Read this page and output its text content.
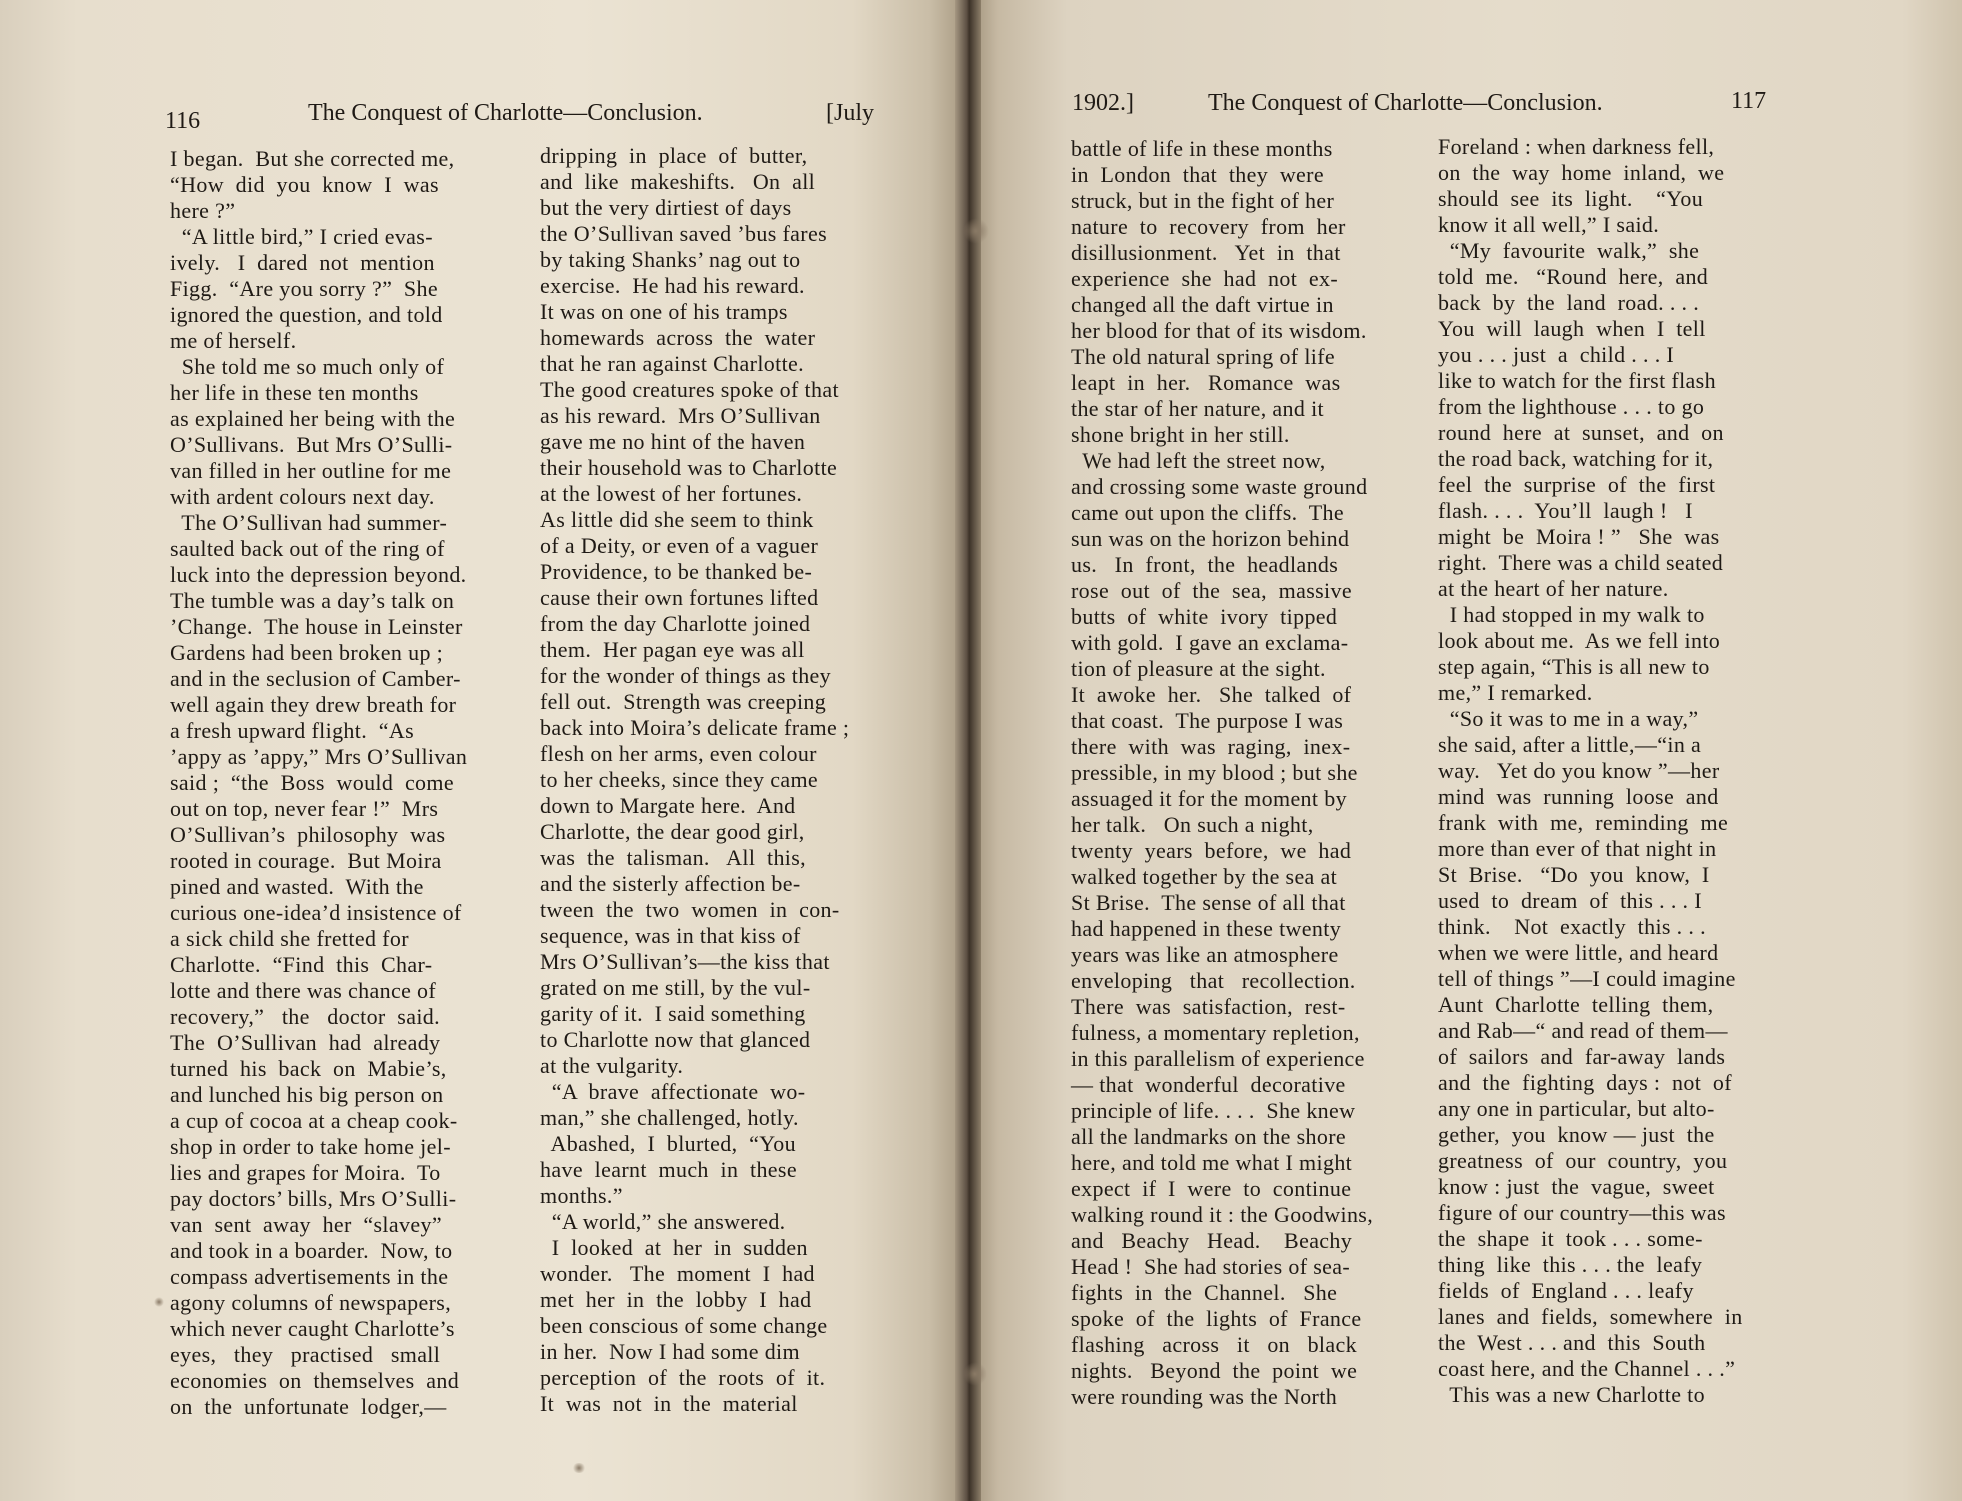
116	The Conquest of Charlotte—Conclusion.	[July
I began.  But she corrected me,
“How  did  you  know  I  was
here ?”
“A little bird,” I cried evas-
ively.   I  dared  not  mention
Figg.  “Are you sorry ?”  She
ignored the question, and told
me of herself.
She told me so much only of
her life in these ten months
as explained her being with the
O’Sullivans.  But Mrs O’Sulli-
van filled in her outline for me
with ardent colours next day.
The O’Sullivan had summer-
saulted back out of the ring of
luck into the depression beyond.
The tumble was a day’s talk on
’Change.  The house in Leinster
Gardens had been broken up ;
and in the seclusion of Camber-
well again they drew breath for
a fresh upward flight.  “As
’appy as ’appy,” Mrs O’Sullivan
said ;  “the  Boss  would  come
out on top, never fear !”  Mrs
O’Sullivan’s  philosophy  was
rooted in courage.  But Moira
pined and wasted.  With the
curious one-idea’d insistence of
a sick child she fretted for
Charlotte.  “Find  this  Char-
lotte and there was chance of
recovery,”   the   doctor  said.
The  O’Sullivan  had  already
turned  his  back  on  Mabie’s,
and lunched his big person on
a cup of cocoa at a cheap cook-
shop in order to take home jel-
lies and grapes for Moira.  To
pay doctors’ bills, Mrs O’Sulli-
van  sent  away  her  “slavey”
and took in a boarder.  Now, to
compass advertisements in the
agony columns of newspapers,
which never caught Charlotte’s
eyes,   they   practised   small
economies  on  themselves  and
on  the  unfortunate  lodger,—
dripping  in  place  of  butter,
and  like  makeshifts.   On  all
but the very dirtiest of days
the O’Sullivan saved ’bus fares
by taking Shanks’ nag out to
exercise.  He had his reward.
It was on one of his tramps
homewards  across  the  water
that he ran against Charlotte.
The good creatures spoke of that
as his reward.  Mrs O’Sullivan
gave me no hint of the haven
their household was to Charlotte
at the lowest of her fortunes.
As little did she seem to think
of a Deity, or even of a vaguer
Providence, to be thanked be-
cause their own fortunes lifted
from the day Charlotte joined
them.  Her pagan eye was all
for the wonder of things as they
fell out.  Strength was creeping
back into Moira’s delicate frame ;
flesh on her arms, even colour
to her cheeks, since they came
down to Margate here.  And
Charlotte, the dear good girl,
was  the  talisman.   All  this,
and the sisterly affection be-
tween  the  two  women  in  con-
sequence, was in that kiss of
Mrs O’Sullivan’s—the kiss that
grated on me still, by the vul-
garity of it.  I said something
to Charlotte now that glanced
at the vulgarity.
“A  brave  affectionate  wo-
man,” she challenged, hotly.
Abashed,  I  blurted,  “You
have  learnt  much  in  these
months.”
“A world,” she answered.
I  looked  at  her  in  sudden
wonder.   The  moment  I  had
met  her  in  the  lobby  I  had
been conscious of some change
in her.  Now I had some dim
perception  of  the  roots  of  it.
It  was  not  in  the  material
1902.]	The Conquest of Charlotte—Conclusion.	117
battle of life in these months
in  London  that  they  were
struck, but in the fight of her
nature  to  recovery  from  her
disillusionment.   Yet  in  that
experience  she  had  not  ex-
changed all the daft virtue in
her blood for that of its wisdom.
The old natural spring of life
leapt  in  her.   Romance  was
the star of her nature, and it
shone bright in her still.
We had left the street now,
and crossing some waste ground
came out upon the cliffs.  The
sun was on the horizon behind
us.   In  front,  the  headlands
rose  out  of  the  sea,  massive
butts  of  white  ivory  tipped
with gold.  I gave an exclama-
tion of pleasure at the sight.
It  awoke  her.   She  talked  of
that coast.  The purpose I was
there  with  was  raging,  inex-
pressible, in my blood ; but she
assuaged it for the moment by
her talk.   On such a night,
twenty  years  before,  we  had
walked together by the sea at
St Brise.  The sense of all that
had happened in these twenty
years was like an atmosphere
enveloping   that   recollection.
There  was  satisfaction,  rest-
fulness, a momentary repletion,
in this parallelism of experience
— that  wonderful  decorative
principle of life. . . .  She knew
all the landmarks on the shore
here, and told me what I might
expect  if  I  were  to  continue
walking round it : the Goodwins,
and   Beachy   Head.    Beachy
Head !  She had stories of sea-
fights  in  the  Channel.   She
spoke  of  the  lights  of  France
flashing   across   it   on   black
nights.   Beyond  the  point  we
were rounding was the North
Foreland : when darkness fell,
on  the  way  home  inland,  we
should  see  its  light.    “You
know it all well,” I said.
“My  favourite  walk,”  she
told  me.   “Round  here,  and
back  by  the  land  road. . . .
You  will  laugh  when  I  tell
you . . . just  a  child . . . I
like to watch for the first flash
from the lighthouse . . . to go
round  here  at  sunset,  and  on
the road back, watching for it,
feel  the  surprise  of  the  first
flash. . . .  You’ll  laugh !   I
might  be  Moira ! ”   She  was
right.  There was a child seated
at the heart of her nature.
I had stopped in my walk to
look about me.  As we fell into
step again, “This is all new to
me,” I remarked.
“So it was to me in a way,”
she said, after a little,—“in a
way.   Yet do you know ”—her
mind  was  running  loose  and
frank  with  me,  reminding  me
more than ever of that night in
St  Brise.   “Do  you  know,  I
used  to  dream  of  this . . . I
think.    Not  exactly  this . . .
when we were little, and heard
tell of things ”—I could imagine
Aunt  Charlotte  telling  them,
and Rab—“ and read of them—
of  sailors  and  far-away  lands
and  the  fighting  days :  not  of
any one in particular, but alto-
gether,  you  know — just  the
greatness  of  our  country,  you
know : just  the  vague,  sweet
figure of our country—this was
the  shape  it  took . . . some-
thing  like  this . . . the  leafy
fields  of  England . . . leafy
lanes  and  fields,  somewhere  in
the  West . . . and  this  South
coast here, and the Channel . . .”
This was a new Charlotte to
